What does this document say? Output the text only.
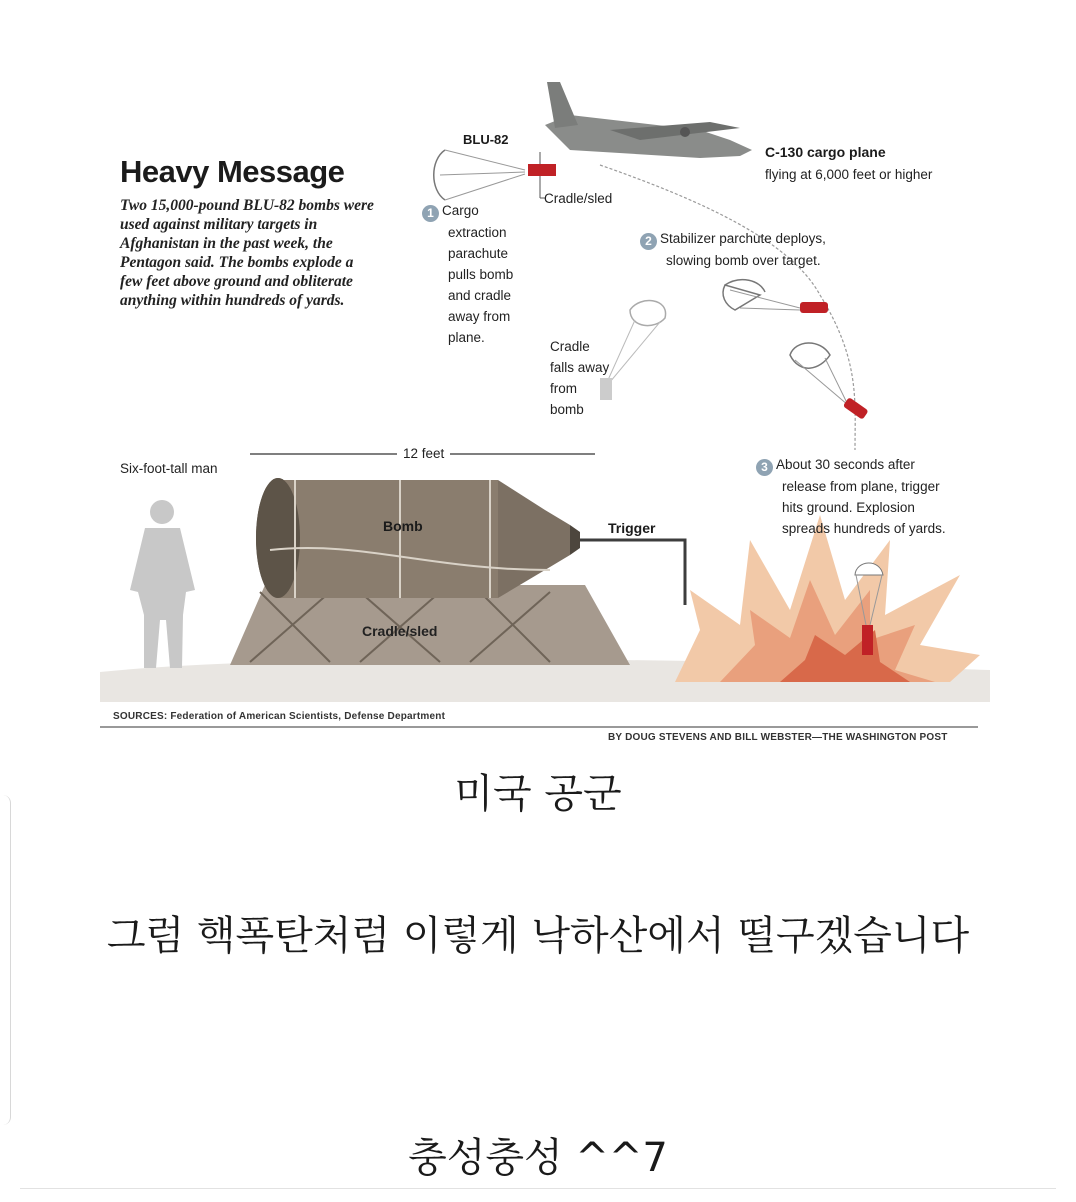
Heavy Message
Two 15,000-pound BLU-82 bombs were used against military targets in Afghanistan in the past week, the Pentagon said. The bombs explode a few feet above ground and obliterate anything within hundreds of yards.
BLU-82
Cradle/sled
C-130 cargo plane
flying at 6,000 feet or higher
1 Cargo
extraction
parachute
pulls bomb
and cradle
away from
plane.
2 Stabilizer parchute deploys,
slowing bomb over target.
Cradle
falls away
from
bomb
3 About 30 seconds after
release from plane, trigger
hits ground. Explosion
spreads hundreds of yards.
Six-foot-tall man
12 feet
Bomb	Trigger
Cradle/sled
SOURCES: Federation of American Scientists, Defense Department
BY DOUG STEVENS AND BILL WEBSTER—THE WASHINGTON POST
미국 공군
그럼 핵폭탄처럼 이렇게 낙하산에서 떨구겠습니다
충성충성 ^^7
